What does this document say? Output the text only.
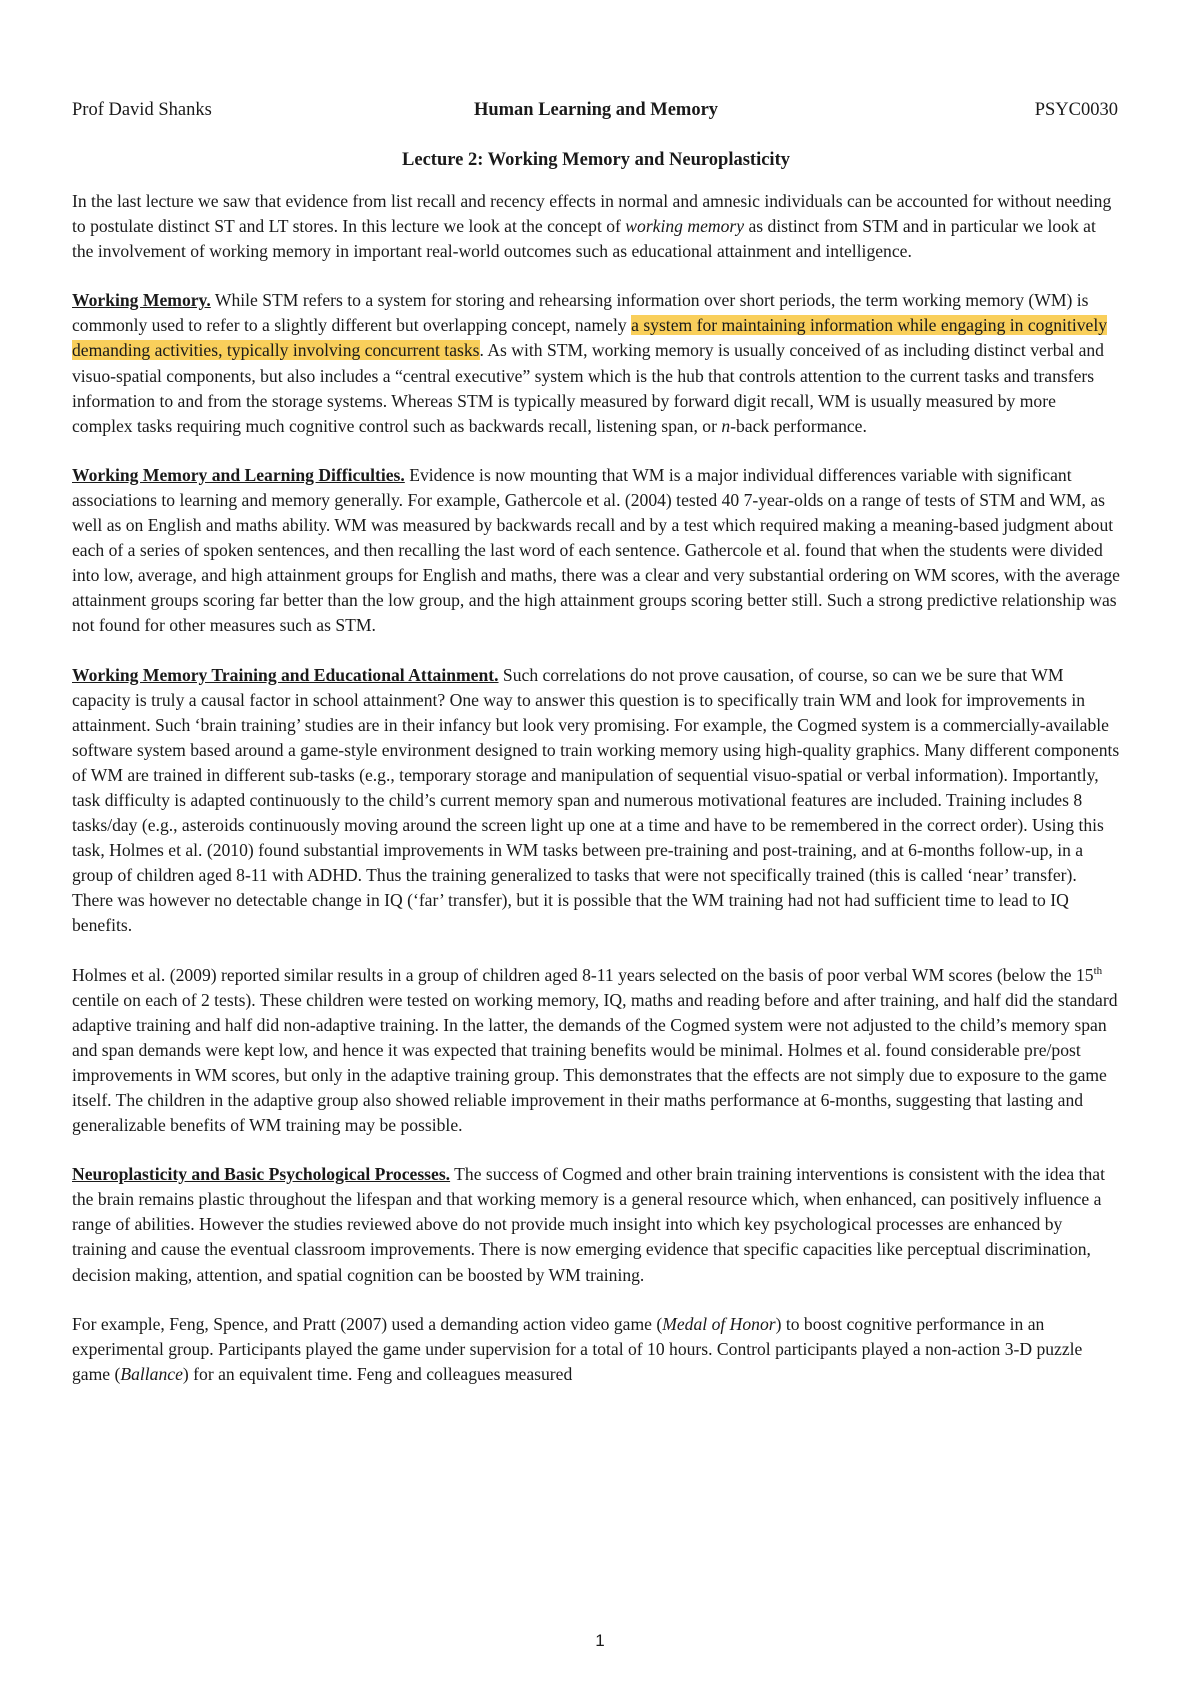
Prof David Shanks	Human Learning and Memory	PSYC0030
Lecture 2: Working Memory and Neuroplasticity

In the last lecture we saw that evidence from list recall and recency effects in normal and amnesic individuals can be accounted for without needing to postulate distinct ST and LT stores. In this lecture we look at the concept of working memory as distinct from STM and in particular we look at the involvement of working memory in important real-world outcomes such as educational attainment and intelligence.

Working Memory. While STM refers to a system for storing and rehearsing information over short periods, the term working memory (WM) is commonly used to refer to a slightly different but overlapping concept, namely a system for maintaining information while engaging in cognitively demanding activities, typically involving concurrent tasks. As with STM, working memory is usually conceived of as including distinct verbal and visuo-spatial components, but also includes a “central executive” system which is the hub that controls attention to the current tasks and transfers information to and from the storage systems. Whereas STM is typically measured by forward digit recall, WM is usually measured by more complex tasks requiring much cognitive control such as backwards recall, listening span, or n-back performance.

Working Memory and Learning Difficulties. Evidence is now mounting that WM is a major individual differences variable with significant associations to learning and memory generally. For example, Gathercole et al. (2004) tested 40 7-year-olds on a range of tests of STM and WM, as well as on English and maths ability. WM was measured by backwards recall and by a test which required making a meaning-based judgment about each of a series of spoken sentences, and then recalling the last word of each sentence. Gathercole et al. found that when the students were divided into low, average, and high attainment groups for English and maths, there was a clear and very substantial ordering on WM scores, with the average attainment groups scoring far better than the low group, and the high attainment groups scoring better still. Such a strong predictive relationship was not found for other measures such as STM.

Working Memory Training and Educational Attainment. Such correlations do not prove causation, of course, so can we be sure that WM capacity is truly a causal factor in school attainment? One way to answer this question is to specifically train WM and look for improvements in attainment. Such ‘brain training’ studies are in their infancy but look very promising. For example, the Cogmed system is a commercially-available software system based around a game-style environment designed to train working memory using high-quality graphics. Many different components of WM are trained in different sub-tasks (e.g., temporary storage and manipulation of sequential visuo-spatial or verbal information). Importantly, task difficulty is adapted continuously to the child’s current memory span and numerous motivational features are included. Training includes 8 tasks/day (e.g., asteroids continuously moving around the screen light up one at a time and have to be remembered in the correct order). Using this task, Holmes et al. (2010) found substantial improvements in WM tasks between pre-training and post-training, and at 6-months follow-up, in a group of children aged 8-11 with ADHD. Thus the training generalized to tasks that were not specifically trained (this is called ‘near’ transfer). There was however no detectable change in IQ (‘far’ transfer), but it is possible that the WM training had not had sufficient time to lead to IQ benefits.

Holmes et al. (2009) reported similar results in a group of children aged 8-11 years selected on the basis of poor verbal WM scores (below the 15th centile on each of 2 tests). These children were tested on working memory, IQ, maths and reading before and after training, and half did the standard adaptive training and half did non-adaptive training. In the latter, the demands of the Cogmed system were not adjusted to the child’s memory span and span demands were kept low, and hence it was expected that training benefits would be minimal. Holmes et al. found considerable pre/post improvements in WM scores, but only in the adaptive training group. This demonstrates that the effects are not simply due to exposure to the game itself. The children in the adaptive group also showed reliable improvement in their maths performance at 6-months, suggesting that lasting and generalizable benefits of WM training may be possible.

Neuroplasticity and Basic Psychological Processes. The success of Cogmed and other brain training interventions is consistent with the idea that the brain remains plastic throughout the lifespan and that working memory is a general resource which, when enhanced, can positively influence a range of abilities. However the studies reviewed above do not provide much insight into which key psychological processes are enhanced by training and cause the eventual classroom improvements. There is now emerging evidence that specific capacities like perceptual discrimination, decision making, attention, and spatial cognition can be boosted by WM training.

For example, Feng, Spence, and Pratt (2007) used a demanding action video game (Medal of Honor) to boost cognitive performance in an experimental group. Participants played the game under supervision for a total of 10 hours. Control participants played a non-action 3-D puzzle game (Ballance) for an equivalent time. Feng and colleagues measured

1
